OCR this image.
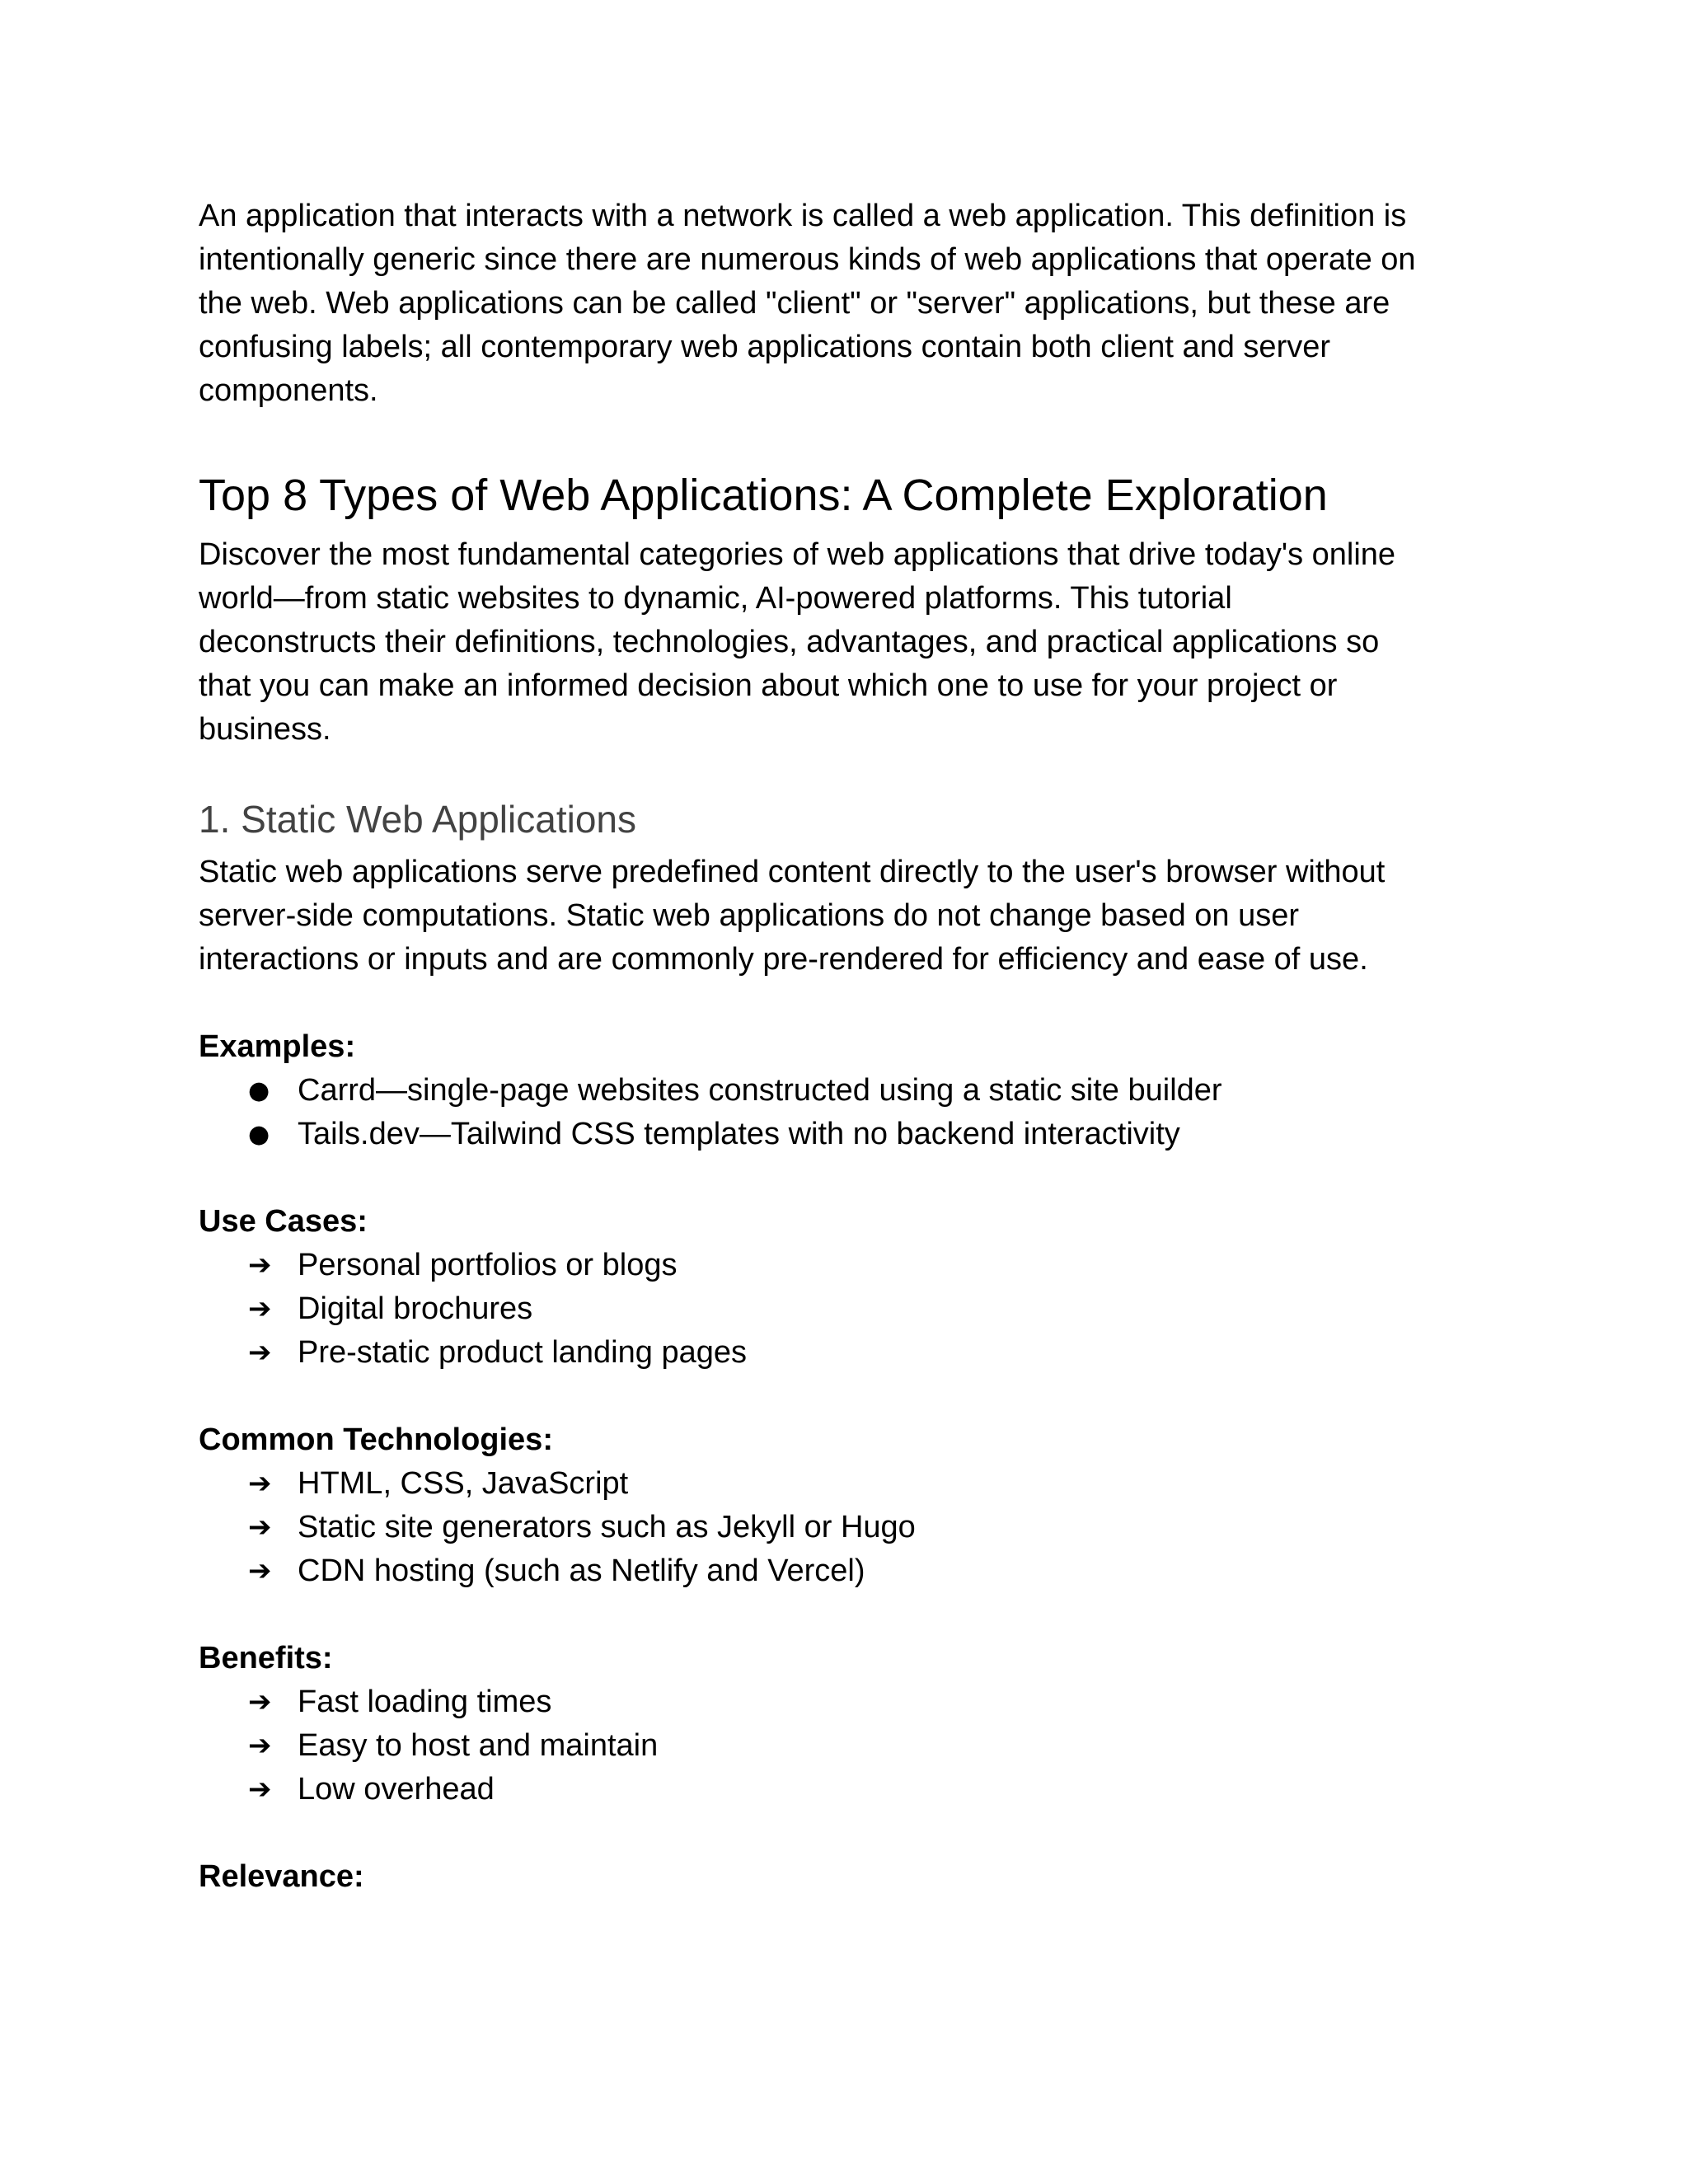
An application that interacts with a network is called a web application. This definition is
intentionally generic since there are numerous kinds of web applications that operate on
the web. Web applications can be called "client" or "server" applications, but these are
confusing labels; all contemporary web applications contain both client and server
components.

Top 8 Types of Web Applications: A Complete Exploration

Discover the most fundamental categories of web applications that drive today's online
world—from static websites to dynamic, AI-powered platforms. This tutorial
deconstructs their definitions, technologies, advantages, and practical applications so
that you can make an informed decision about which one to use for your project or
business.

1. Static Web Applications

Static web applications serve predefined content directly to the user's browser without
server-side computations. Static web applications do not change based on user
interactions or inputs and are commonly pre-rendered for efficiency and ease of use.

Examples:
● Carrd—single-page websites constructed using a static site builder
● Tails.dev—Tailwind CSS templates with no backend interactivity
Use Cases:
➔ Personal portfolios or blogs
➔ Digital brochures
➔ Pre-static product landing pages
Common Technologies:
➔ HTML, CSS, JavaScript
➔ Static site generators such as Jekyll or Hugo
➔ CDN hosting (such as Netlify and Vercel)
Benefits:
➔ Fast loading times
➔ Easy to host and maintain
➔ Low overhead
Relevance:
